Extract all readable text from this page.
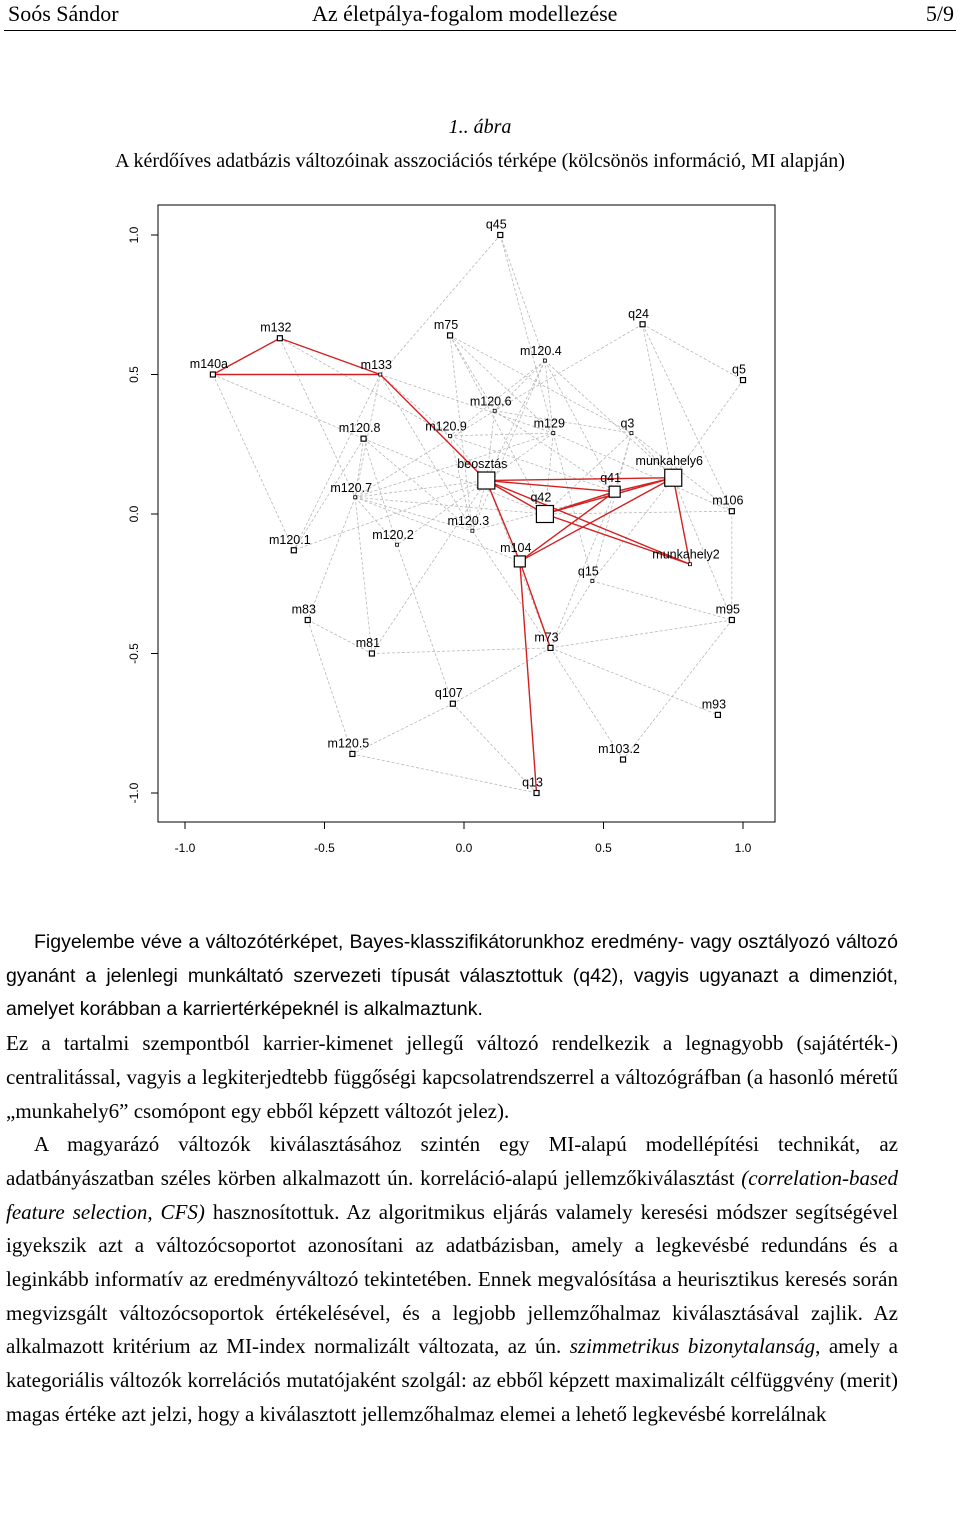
Soós Sándor	Az életpálya-fogalom modellezése	5/9
1.. ábra
A kérdőíves adatbázis változóinak asszociációs térképe (kölcsönös információ, MI alapján)
-1.0	-0.5	0.0	0.5	1.0
1.0
0.5
0.0
-0.5
-1.0
q45
q24
m132	m75
m120.4
m140a	m133	q5
m120.6
m120.8	m120.9	m129	q3
beosztás	munkahely6
q41
m120.7
m106
q42
m120.3
m120.1	m120.2
m104	munkahely2
q15
m83	m95
m81	m73
q107
m93
m120.5	m103.2
q13

Figyelembe véve a változótérképet, Bayes-klasszifikátorunkhoz eredmény- vagy osztályozó változó gyanánt a jelenlegi munkáltató szervezeti típusát választottuk (q42), vagyis ugyanazt a dimenziót, amelyet korábban a karriertérképeknél is alkalmaztunk.

Ez a tartalmi szempontból karrier-kimenet jellegű változó rendelkezik a legnagyobb (sajátérték-) centralitással, vagyis a legkiterjedtebb függőségi kapcsolatrendszerrel a változógráfban (a hasonló méretű „munkahely6” csomópont egy ebből képzett változót jelez).

A magyarázó változók kiválasztásához szintén egy MI-alapú modellépítési technikát, az adatbányászatban széles körben alkalmazott ún. korreláció-alapú jellemzőkiválasztást (correlation-based feature selection, CFS) hasznosítottuk. Az algoritmikus eljárás valamely keresési módszer segítségével igyekszik azt a változócsoportot azonosítani az adatbázisban, amely a legkevésbé redundáns és a leginkább informatív az eredményváltozó tekintetében. Ennek megvalósítása a heurisztikus keresés során megvizsgált változócsoportok értékelésével, és a legjobb jellemzőhalmaz kiválasztásával zajlik. Az alkalmazott kritérium az MI-index normalizált változata, az ún. szimmetrikus bizonytalanság, amely a kategoriális változók korrelációs mutatójaként szolgál: az ebből képzett maximalizált célfüggvény (merit) magas értéke azt jelzi, hogy a kiválasztott jellemzőhalmaz elemei a lehető legkevésbé korrelálnak
